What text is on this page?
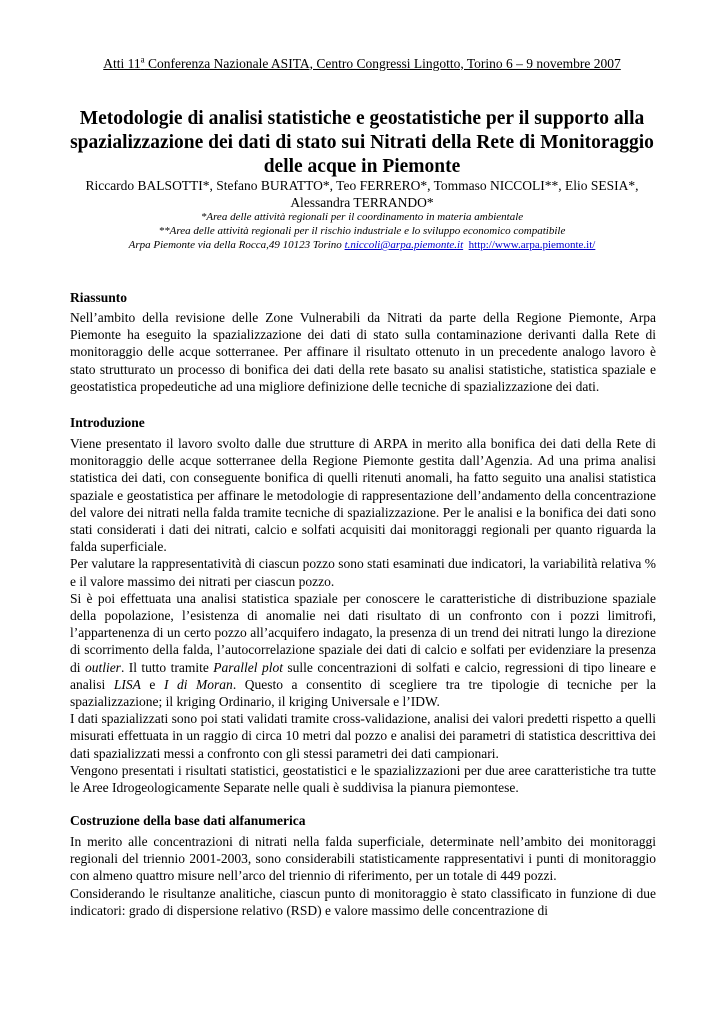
Atti 11$^a$ Conferenza Nazionale ASITA, Centro Congressi Lingotto, Torino 6 – 9 novembre 2007
Metodologie di analisi statistiche e geostatistiche per il supporto alla spazializzazione dei dati di stato sui Nitrati della Rete di Monitoraggio delle acque in Piemonte
Riccardo BALSOTTI*, Stefano BURATTO*, Teo FERRERO*, Tommaso NICCOLI**, Elio SESIA*, Alessandra TERRANDO*
*Area delle attività regionali per il coordinamento in materia ambientale
**Area delle attività regionali per il rischio industriale e lo sviluppo economico compatibile
Arpa Piemonte via della Rocca,49 10123 Torino t.niccoli@arpa.piemonte.it http://www.arpa.piemonte.it/

Riassunto

Nell’ambito della revisione delle Zone Vulnerabili da Nitrati da parte della Regione Piemonte, Arpa Piemonte ha eseguito la spazializzazione dei dati di stato sulla contaminazione derivanti dalla Rete di monitoraggio delle acque sotterranee. Per affinare il risultato ottenuto in un precedente analogo lavoro è stato strutturato un processo di bonifica dei dati della rete basato su analisi statistiche, statistica spaziale e geostatistica propedeutiche ad una migliore definizione delle tecniche di spazializzazione dei dati.

Introduzione

Viene presentato il lavoro svolto dalle due strutture di ARPA in merito alla bonifica dei dati della Rete di monitoraggio delle acque sotterranee della Regione Piemonte gestita dall’Agenzia. Ad una prima analisi statistica dei dati, con conseguente bonifica di quelli ritenuti anomali, ha fatto seguito una analisi statistica spaziale e geostatistica per affinare le metodologie di rappresentazione dell’andamento della concentrazione del valore dei nitrati nella falda tramite tecniche di spazializzazione. Per le analisi e la bonifica dei dati sono stati considerati i dati dei nitrati, calcio e solfati acquisiti dai monitoraggi regionali per quanto riguarda la falda superficiale.

Per valutare la rappresentatività di ciascun pozzo sono stati esaminati due indicatori, la variabilità relativa % e il valore massimo dei nitrati per ciascun pozzo.

Si è poi effettuata una analisi statistica spaziale per conoscere le caratteristiche di distribuzione spaziale della popolazione, l’esistenza di anomalie nei dati risultato di un confronto con i pozzi limitrofi, l’appartenenza di un certo pozzo all’acquifero indagato, la presenza di un trend dei nitrati lungo la direzione di scorrimento della falda, l’autocorrelazione spaziale dei dati di calcio e solfati per evidenziare la presenza di outlier. Il tutto tramite Parallel plot sulle concentrazioni di solfati e calcio, regressioni di tipo lineare e analisi LISA e I di Moran. Questo a consentito di scegliere tra tre tipologie di tecniche per la spazializzazione; il kriging Ordinario, il kriging Universale e l’IDW.

I dati spazializzati sono poi stati validati tramite cross-validazione, analisi dei valori predetti rispetto a quelli misurati effettuata in un raggio di circa 10 metri dal pozzo e analisi dei parametri di statistica descrittiva dei dati spazializzati messi a confronto con gli stessi parametri dei dati campionari.

Vengono presentati i risultati statistici, geostatistici e le spazializzazioni per due aree caratteristiche tra tutte le Aree Idrogeologicamente Separate nelle quali è suddivisa la pianura piemontese.

Costruzione della base dati alfanumerica

In merito alle concentrazioni di nitrati nella falda superficiale, determinate nell’ambito dei monitoraggi regionali del triennio 2001-2003, sono considerabili statisticamente rappresentativi i punti di monitoraggio con almeno quattro misure nell’arco del triennio di riferimento, per un totale di 449 pozzi.

Considerando le risultanze analitiche, ciascun punto di monitoraggio è stato classificato in funzione di due indicatori: grado di dispersione relativo (RSD) e valore massimo delle concentrazione di
